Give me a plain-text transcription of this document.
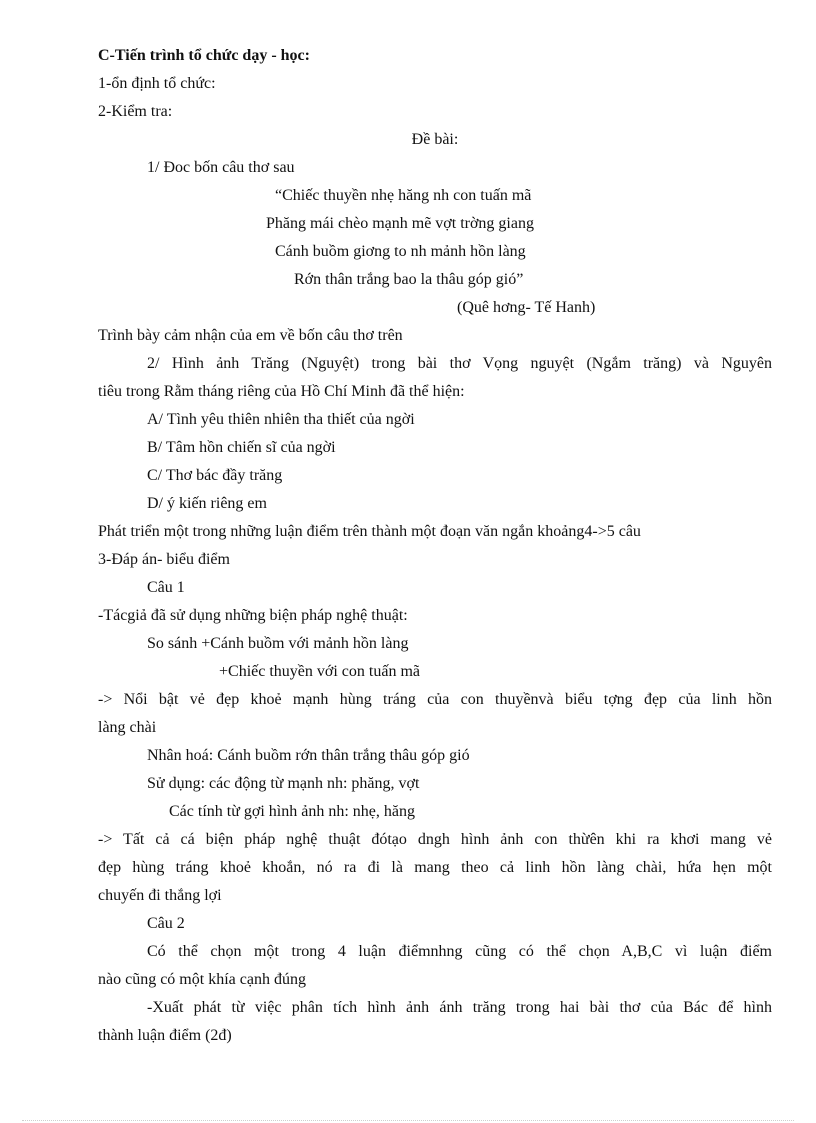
C-Tiến trình tổ chức dạy - học:
1-ổn định tổ chức:
2-Kiểm tra:
Đề bài:
1/ Đoc bốn câu thơ sau
“Chiếc thuyền nhẹ hăng nh con tuấn mã
Phăng mái chèo mạnh mẽ vợt trờng giang
Cánh buồm giơng to nh mảnh hồn làng
Rớn thân trắng bao la thâu góp gió”
(Quê hơng- Tế Hanh)
Trình bày cảm nhận của em về bốn câu thơ trên
2/ Hình ảnh Trăng (Nguyệt) trong bài thơ Vọng nguyệt (Ngắm trăng) và Nguyên
tiêu trong Rằm tháng riêng của Hồ Chí Minh đã thể hiện:
A/ Tình yêu thiên nhiên tha thiết của ngời
B/ Tâm hồn chiến sĩ của ngời
C/ Thơ bác đầy trăng
D/ ý kiến riêng em
Phát triển một trong những luận điểm trên thành một đoạn văn ngắn khoảng4->5 câu
3-Đáp án- biểu điểm
Câu 1
-Tácgiả đã sử dụng những biện pháp nghệ thuật:
So sánh +Cánh buồm với mảnh hồn làng
+Chiếc thuyền với con tuấn mã
-> Nổi bật vẻ đẹp khoẻ mạnh hùng tráng của con thuyềnvà biểu tợng đẹp của linh hồn
làng chài
Nhân hoá: Cánh buồm rớn thân trắng thâu góp gió
Sử dụng: các động từ mạnh nh: phăng, vợt
Các tính từ gợi hình ảnh nh: nhẹ, hăng
-> Tất cả cá biện pháp nghệ thuật đótạo dngh hình ảnh con thừên khi ra khơi mang vẻ
đẹp hùng tráng khoẻ khoắn, nó ra đi là mang theo cả linh hồn làng chài, hứa hẹn một
chuyến đi thắng lợi
Câu 2
Có thể chọn một trong 4 luận điểmnhng cũng có thể chọn A,B,C vì luận điểm
nào cũng có một khía cạnh đúng
-Xuất phát từ việc phân tích hình ảnh ánh trăng trong hai bài thơ của Bác để hình
thành luận điểm (2đ)
